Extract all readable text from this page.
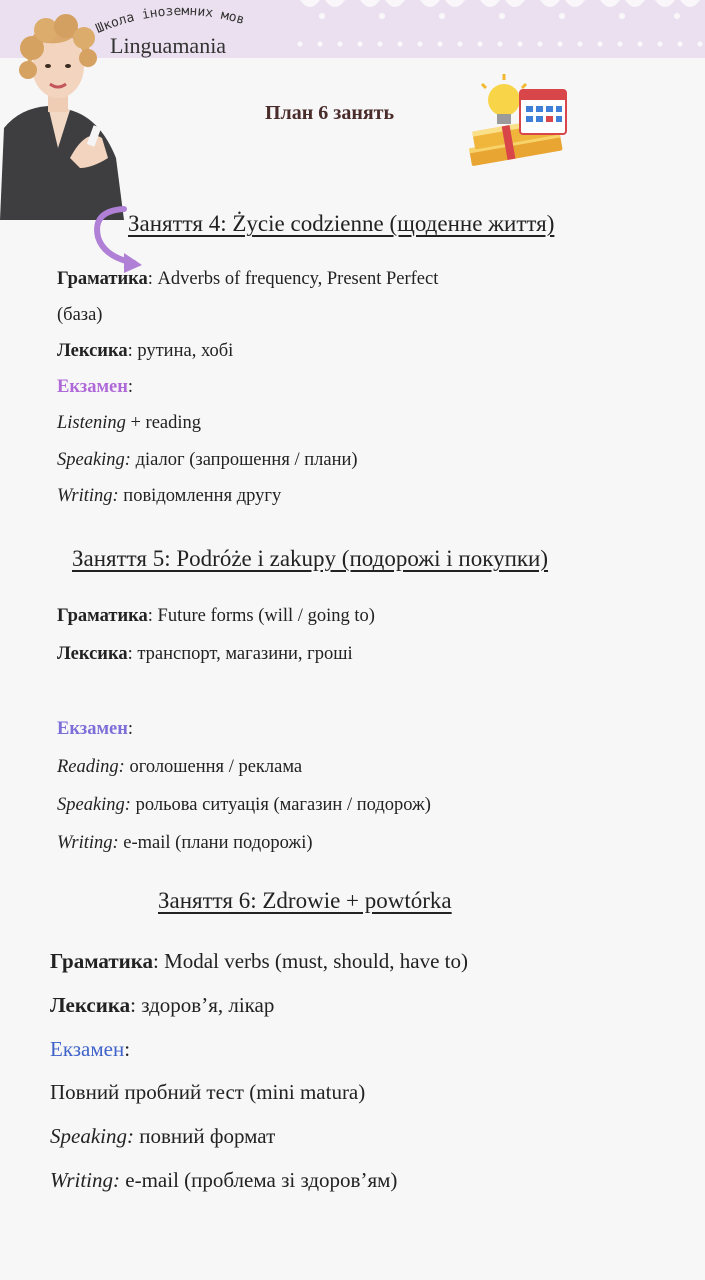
Школа іноземних мов
Linguamania
План 6 занять
Заняття 4: Życie codzienne (щоденне життя)
Граматика: Adverbs of frequency, Present Perfect
(база)
Лексика: рутина, хобі
Екзамен:
Listening + reading
Speaking: діалог (запрошення / плани)
Writing: повідомлення другу
Заняття 5: Podróże i zakupy (подорожі і покупки)
Граматика: Future forms (will / going to)
Лексика: транспорт, магазини, гроші
Екзамен:
Reading: оголошення / реклама
Speaking: рольова ситуація (магазин / подорож)
Writing: e-mail (плани подорожі)
Заняття 6: Zdrowie + powtórka
Граматика: Modal verbs (must, should, have to)
Лексика: здоров’я, лікар
Екзамен:
Повний пробний тест (mini matura)
Speaking: повний формат
Writing: e-mail (проблема зі здоров’ям)
